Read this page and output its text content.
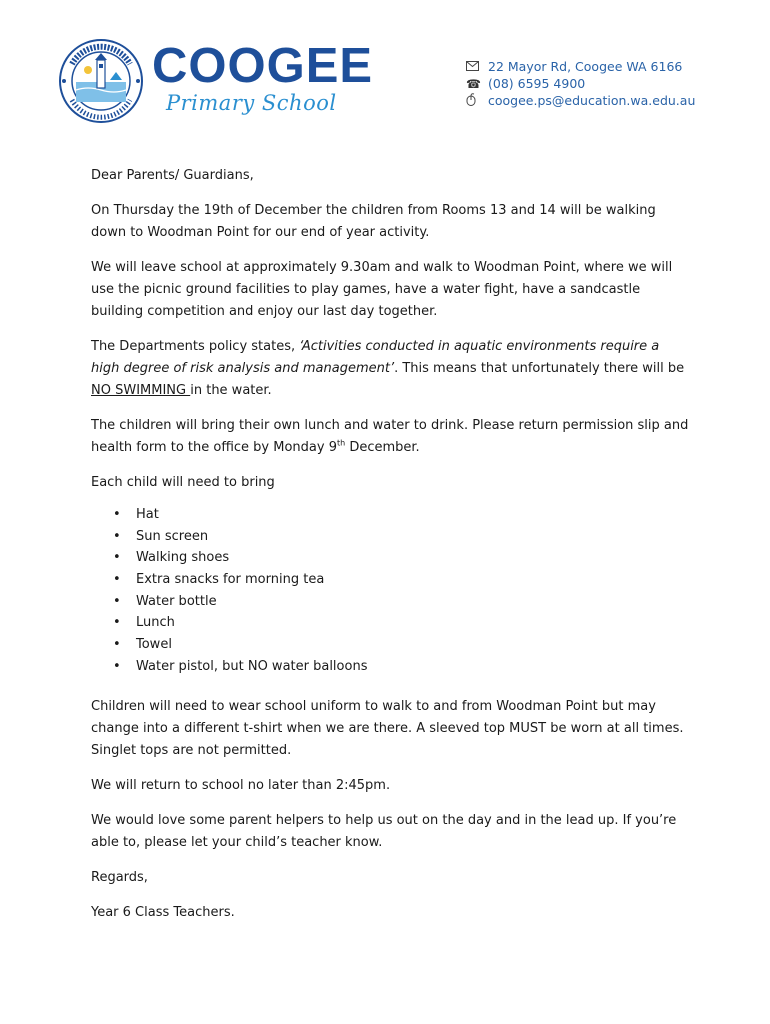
COOGEE
Primary School
22 Mayor Rd, Coogee WA 6166
☎ (08) 6595 4900
coogee.ps@education.wa.edu.au

Dear Parents/ Guardians,

On Thursday the 19th of December the children from Rooms 13 and 14 will be walking down to Woodman Point for our end of year activity.

We will leave school at approximately 9.30am and walk to Woodman Point, where we will use the picnic ground facilities to play games, have a water fight, have a sandcastle building competition and enjoy our last day together.

The Departments policy states, ‘Activities conducted in aquatic environments require a high degree of risk analysis and management’. This means that unfortunately there will be NO SWIMMING in the water.

The children will bring their own lunch and water to drink. Please return permission slip and health form to the office by Monday 9th December.

Each child will need to bring

• Hat
• Sun screen
• Walking shoes
• Extra snacks for morning tea
• Water bottle
• Lunch
• Towel
• Water pistol, but NO water balloons

Children will need to wear school uniform to walk to and from Woodman Point but may change into a different t-shirt when we are there. A sleeved top MUST be worn at all times. Singlet tops are not permitted.

We will return to school no later than 2:45pm.

We would love some parent helpers to help us out on the day and in the lead up. If you’re able to, please let your child’s teacher know.

Regards,

Year 6 Class Teachers.
